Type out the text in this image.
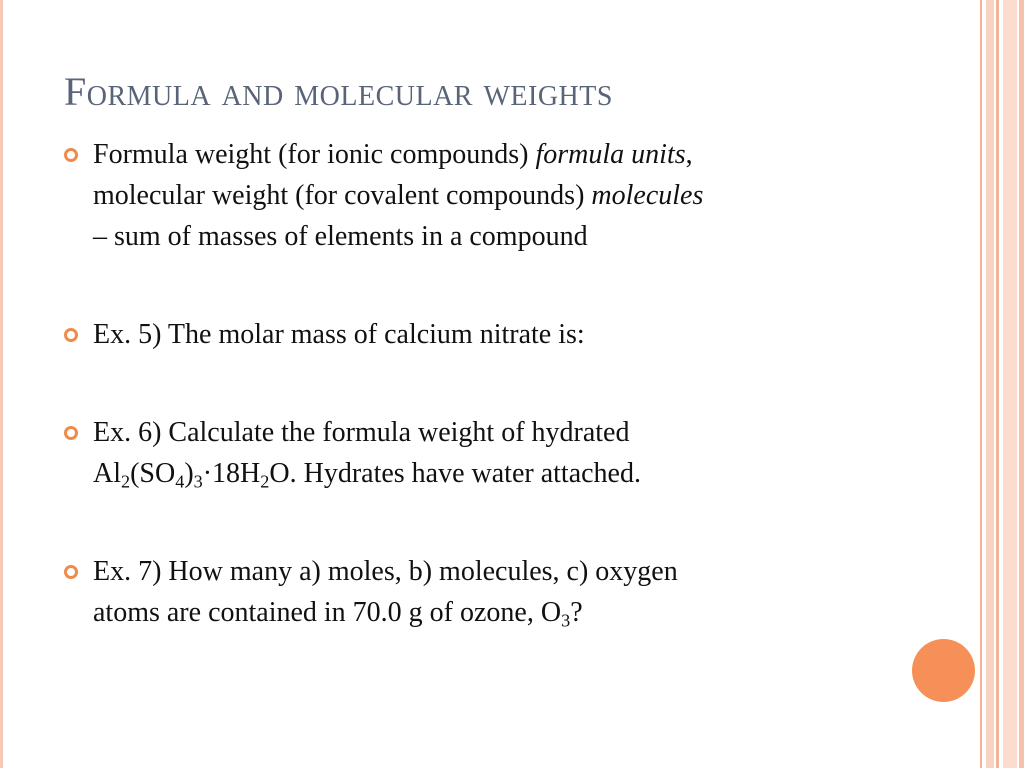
Formula and molecular weights
Formula weight (for ionic compounds) formula units,
molecular weight (for covalent compounds) molecules
– sum of masses of elements in a compound
Ex. 5) The molar mass of calcium nitrate is:
Ex. 6) Calculate the formula weight of hydrated
$Al_2(SO_4)_3\cdot 18H_2O$. Hydrates have water attached.
Ex. 7) How many a) moles, b) molecules, c) oxygen
atoms are contained in 70.0 g of ozone, $O_3$?
